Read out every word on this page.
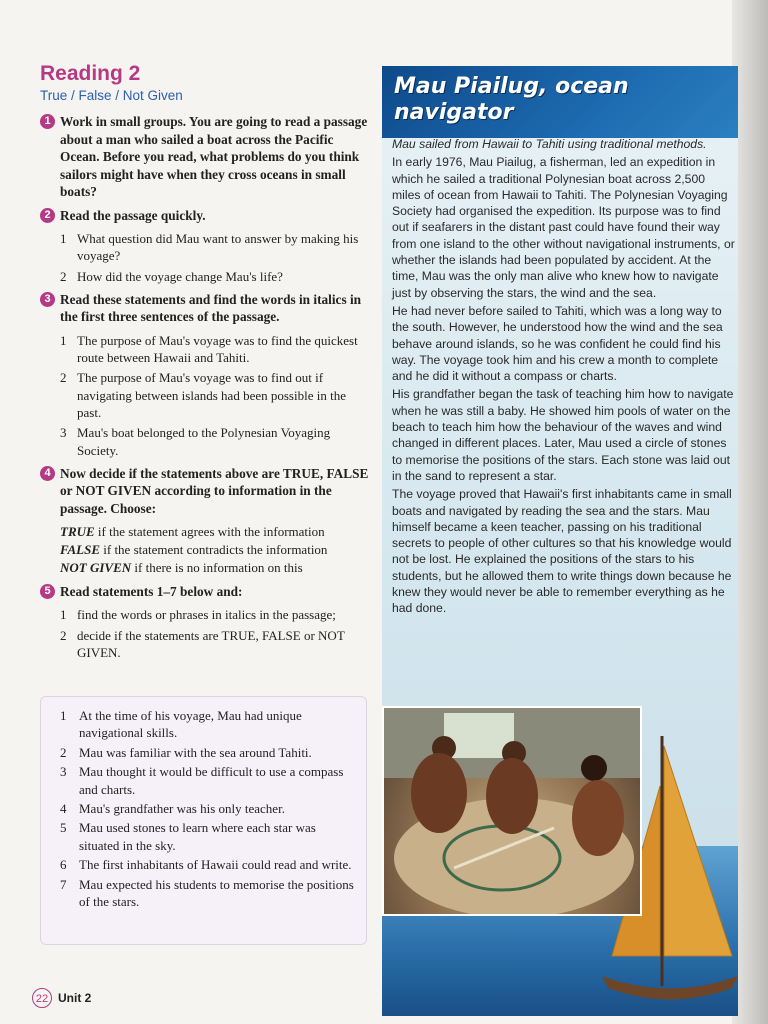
Reading 2
True / False / Not Given
1 Work in small groups. You are going to read a passage about a man who sailed a boat across the Pacific Ocean. Before you read, what problems do you think sailors might have when they cross oceans in small boats?
2 Read the passage quickly.
1 What question did Mau want to answer by making his voyage?
2 How did the voyage change Mau's life?
3 Read these statements and find the words in italics in the first three sentences of the passage.
1 The purpose of Mau's voyage was to find the quickest route between Hawaii and Tahiti.
2 The purpose of Mau's voyage was to find out if navigating between islands had been possible in the past.
3 Mau's boat belonged to the Polynesian Voyaging Society.
4 Now decide if the statements above are TRUE, FALSE or NOT GIVEN according to information in the passage. Choose:
TRUE if the statement agrees with the information
FALSE if the statement contradicts the information
NOT GIVEN if there is no information on this
5 Read statements 1–7 below and:
1 find the words or phrases in italics in the passage;
2 decide if the statements are TRUE, FALSE or NOT GIVEN.
1 At the time of his voyage, Mau had unique navigational skills.
2 Mau was familiar with the sea around Tahiti.
3 Mau thought it would be difficult to use a compass and charts.
4 Mau's grandfather was his only teacher.
5 Mau used stones to learn where each star was situated in the sky.
6 The first inhabitants of Hawaii could read and write.
7 Mau expected his students to memorise the positions of the stars.
22 Unit 2
Mau Piailug, ocean navigator

Mau sailed from Hawaii to Tahiti using traditional methods.

In early 1976, Mau Piailug, a fisherman, led an expedition in which he sailed a traditional Polynesian boat across 2,500 miles of ocean from Hawaii to Tahiti. The Polynesian Voyaging Society had organised the expedition. Its purpose was to find out if seafarers in the distant past could have found their way from one island to the other without navigational instruments, or whether the islands had been populated by accident. At the time, Mau was the only man alive who knew how to navigate just by observing the stars, the wind and the sea.

He had never before sailed to Tahiti, which was a long way to the south. However, he understood how the wind and the sea behave around islands, so he was confident he could find his way. The voyage took him and his crew a month to complete and he did it without a compass or charts.

His grandfather began the task of teaching him how to navigate when he was still a baby. He showed him pools of water on the beach to teach him how the behaviour of the waves and wind changed in different places. Later, Mau used a circle of stones to memorise the positions of the stars. Each stone was laid out in the sand to represent a star.

The voyage proved that Hawaii's first inhabitants came in small boats and navigated by reading the sea and the stars. Mau himself became a keen teacher, passing on his traditional secrets to people of other cultures so that his knowledge would not be lost. He explained the positions of the stars to his students, but he allowed them to write things down because he knew they would never be able to remember everything as he had done.
